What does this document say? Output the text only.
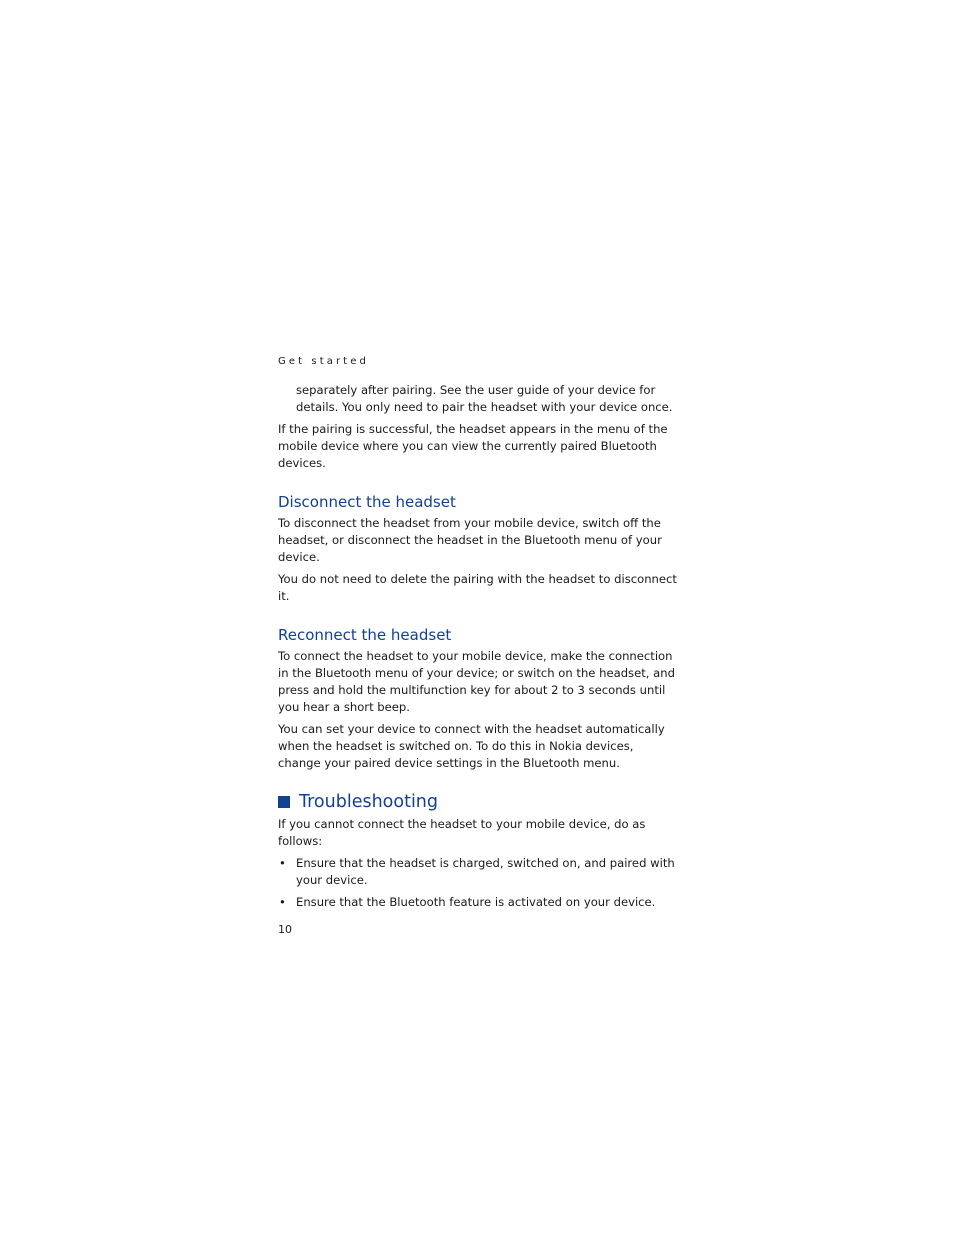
Get started

separately after pairing. See the user guide of your device for details. You only need to pair the headset with your device once.

If the pairing is successful, the headset appears in the menu of the mobile device where you can view the currently paired Bluetooth devices.

Disconnect the headset

To disconnect the headset from your mobile device, switch off the headset, or disconnect the headset in the Bluetooth menu of your device.

You do not need to delete the pairing with the headset to disconnect it.

Reconnect the headset

To connect the headset to your mobile device, make the connection in the Bluetooth menu of your device; or switch on the headset, and press and hold the multifunction key for about 2 to 3 seconds until you hear a short beep.

You can set your device to connect with the headset automatically when the headset is switched on. To do this in Nokia devices, change your paired device settings in the Bluetooth menu.

Troubleshooting

If you cannot connect the headset to your mobile device, do as follows:

• Ensure that the headset is charged, switched on, and paired with your device.
• Ensure that the Bluetooth feature is activated on your device.
10
